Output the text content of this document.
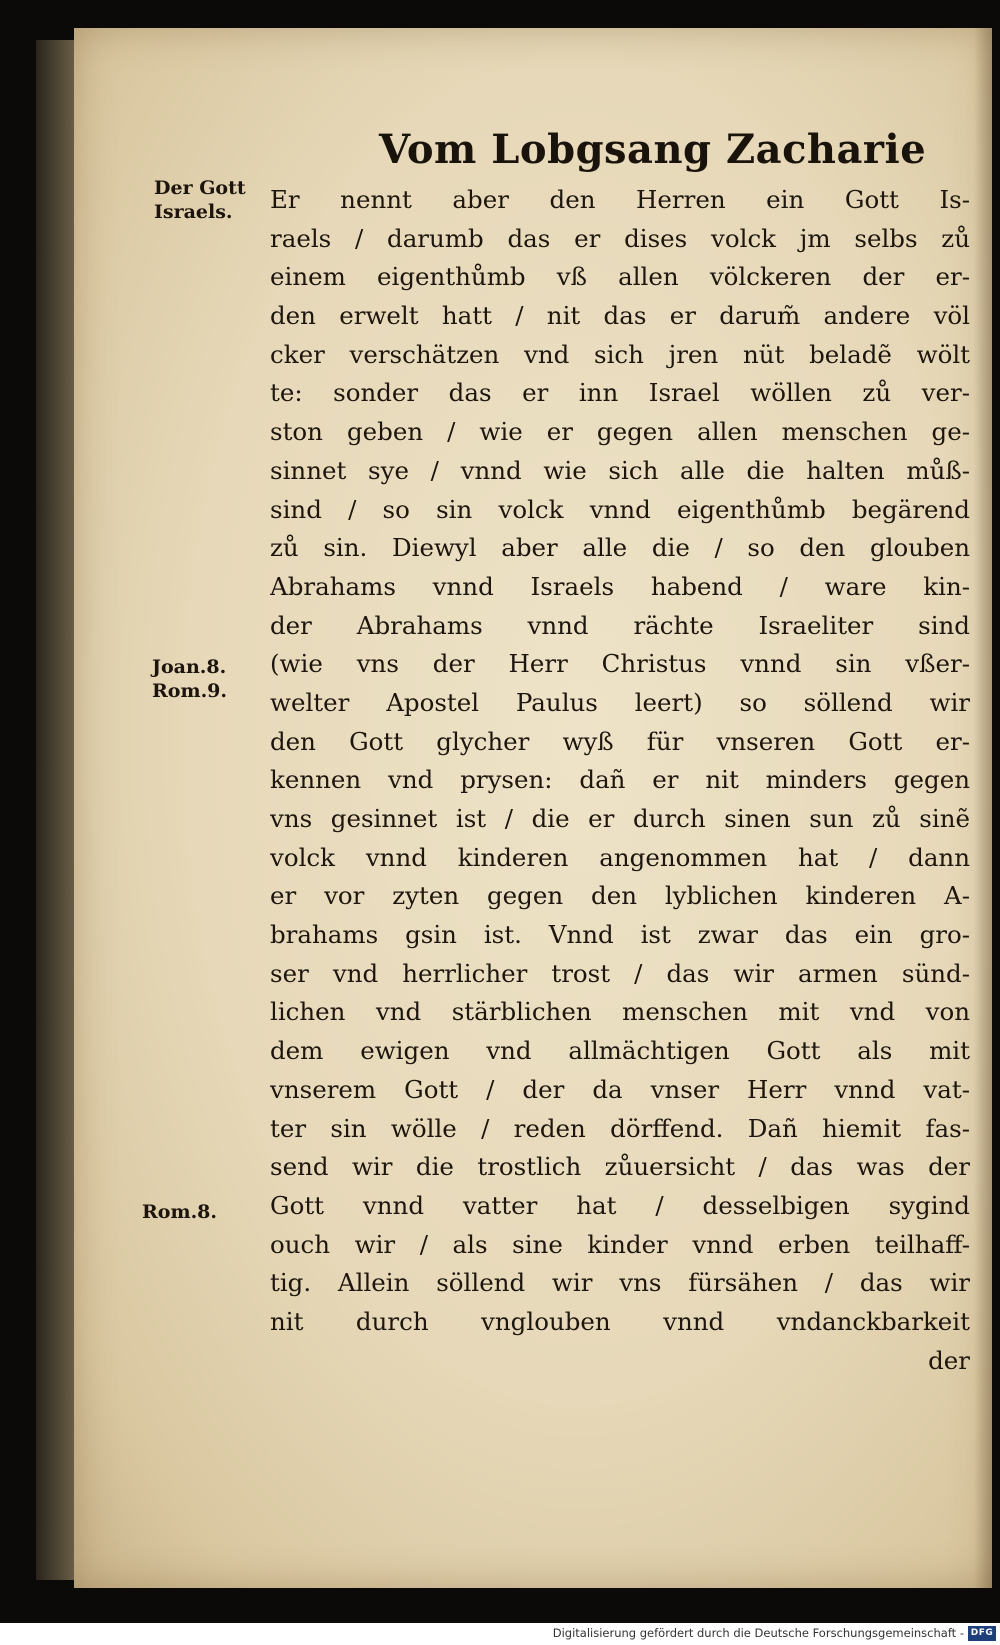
Vom Lobgsang Zacharie
Der Gott
Israels.
Joan.8.
Rom.9.
Rom.8.
Er nennt aber den Herren ein Gott Is-
raels / darumb das er dises volck jm selbs zů
einem eigenthůmb vß allen völckeren der er-
den erwelt hatt / nit das er darum̃ andere völ
cker verschätzen vnd sich jren nüt beladẽ wölt
te: sonder das er inn Israel wöllen zů ver-
ston geben / wie er gegen allen menschen ge-
sinnet sye / vnnd wie sich alle die halten můß-
sind / so sin volck vnnd eigenthůmb begärend
zů sin. Diewyl aber alle die / so den glouben
Abrahams vnnd Israels habend / ware kin-
der Abrahams vnnd rächte Israeliter sind
(wie vns der Herr Christus vnnd sin vßer-
welter Apostel Paulus leert) so söllend wir
den Gott glycher wyß für vnseren Gott er-
kennen vnd prysen: dañ er nit minders gegen
vns gesinnet ist / die er durch sinen sun zů sinẽ
volck vnnd kinderen angenommen hat / dann
er vor zyten gegen den lyblichen kinderen A-
brahams gsin ist. Vnnd ist zwar das ein gro-
ser vnd herrlicher trost / das wir armen sünd-
lichen vnd stärblichen menschen mit vnd von
dem ewigen vnd allmächtigen Gott als mit
vnserem Gott / der da vnser Herr vnnd vat-
ter sin wölle / reden dörffend. Dañ hiemit fas-
send wir die trostlich zůuersicht / das was der
Gott vnnd vatter hat / desselbigen sygind
ouch wir / als sine kinder vnnd erben teilhaff-
tig. Allein söllend wir vns fürsähen / das wir
nit durch vnglouben vnnd vndanckbarkeit
der
Digitalisierung gefördert durch die Deutsche Forschungsgemeinschaft - DFG
